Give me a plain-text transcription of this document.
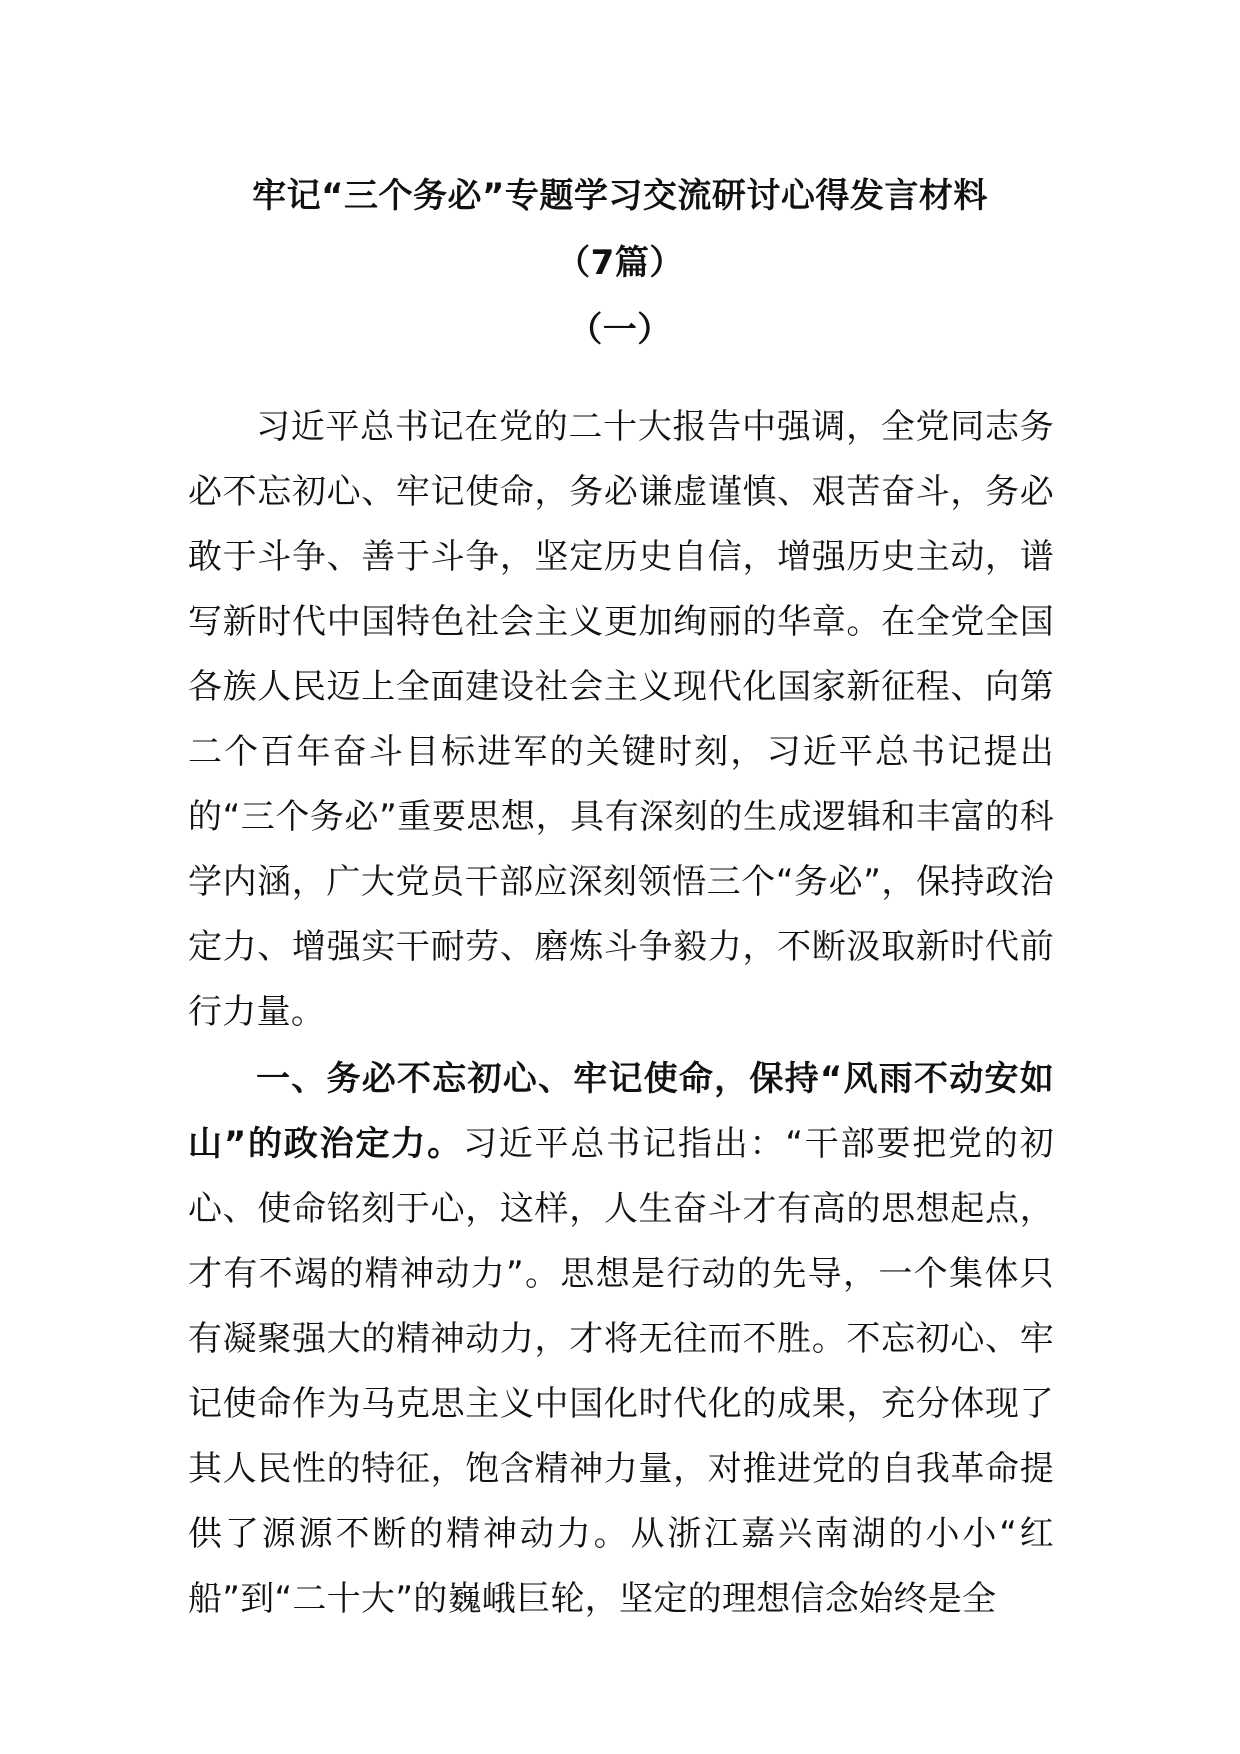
牢记“三个务必”专题学习交流研讨心得发言材料
（7篇）
（一）

习近平总书记在党的二十大报告中强调，全党同志务必不忘初心、牢记使命，务必谦虚谨慎、艰苦奋斗，务必敢于斗争、善于斗争，坚定历史自信，增强历史主动，谱写新时代中国特色社会主义更加绚丽的华章。在全党全国各族人民迈上全面建设社会主义现代化国家新征程、向第二个百年奋斗目标进军的关键时刻，习近平总书记提出的“三个务必”重要思想，具有深刻的生成逻辑和丰富的科学内涵，广大党员干部应深刻领悟三个“务必”，保持政治定力、增强实干耐劳、磨炼斗争毅力，不断汲取新时代前行力量。

一、务必不忘初心、牢记使命，保持“风雨不动安如山”的政治定力。习近平总书记指出：“干部要把党的初心、使命铭刻于心，这样，人生奋斗才有高的思想起点，才有不竭的精神动力”。思想是行动的先导，一个集体只有凝聚强大的精神动力，才将无往而不胜。不忘初心、牢记使命作为马克思主义中国化时代化的成果，充分体现了其人民性的特征，饱含精神力量，对推进党的自我革命提供了源源不断的精神动力。从浙江嘉兴南湖的小小“红船”到“二十大”的巍峨巨轮，坚定的理想信念始终是全
